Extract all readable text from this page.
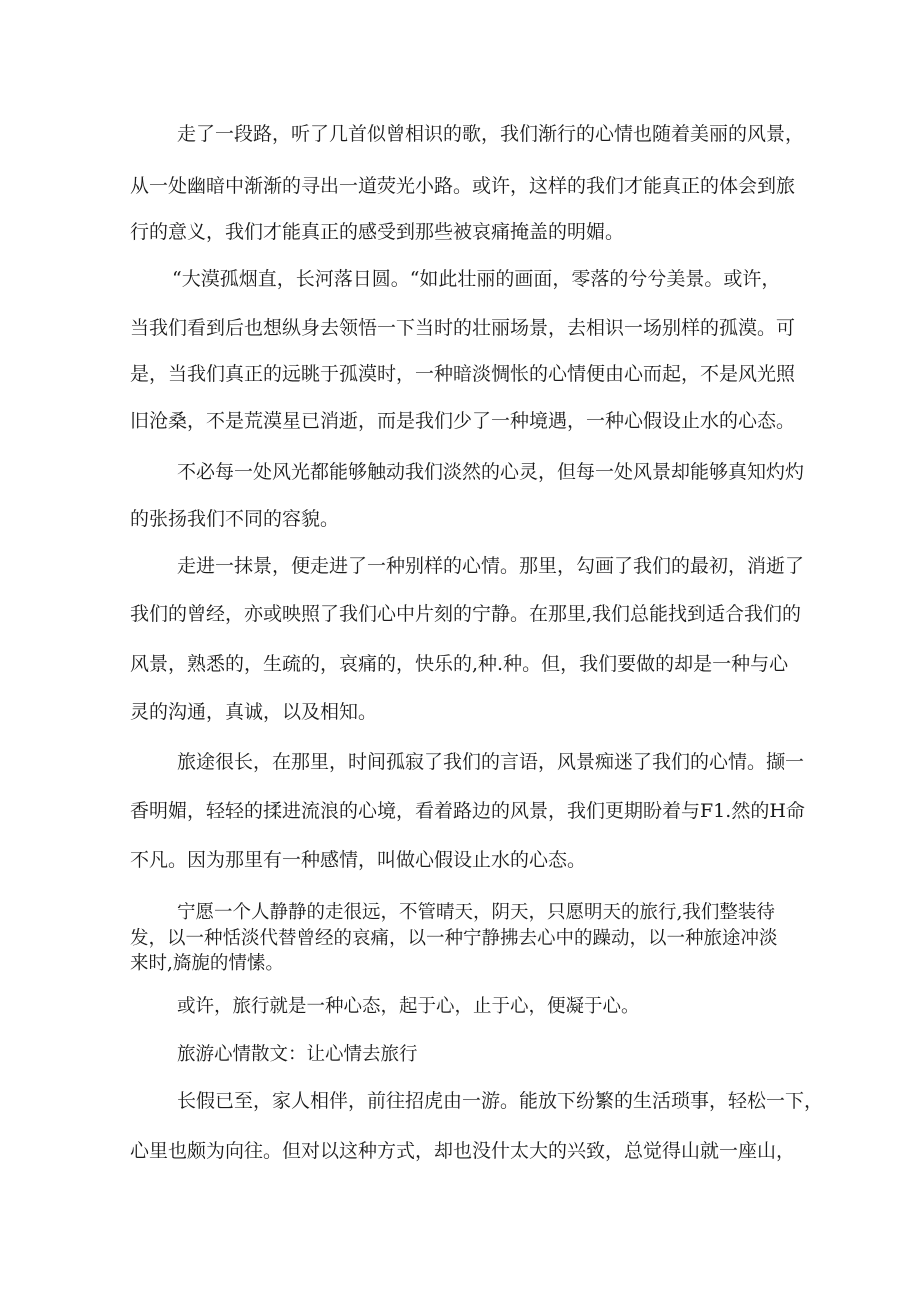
走了一段路，听了几首似曾相识的歌，我们渐行的心情也随着美丽的风景，
从一处幽暗中渐渐的寻出一道荧光小路。或许，这样的我们才能真正的体会到旅
行的意义，我们才能真正的感受到那些被哀痛掩盖的明媚。
“大漠孤烟直，长河落日圆。“如此壮丽的画面，零落的兮兮美景。或许，
当我们看到后也想纵身去领悟一下当时的壮丽场景，去相识一场别样的孤漠。可
是，当我们真正的远眺于孤漠时，一种暗淡惆怅的心情便由心而起，不是风光照
旧沧桑，不是荒漠星已消逝，而是我们少了一种境遇，一种心假设止水的心态。
不必每一处风光都能够触动我们淡然的心灵，但每一处风景却能够真知灼灼
的张扬我们不同的容貌。
走进一抹景，便走进了一种别样的心情。那里，勾画了我们的最初，消逝了
我们的曾经，亦或映照了我们心中片刻的宁静。在那里,我们总能找到适合我们的
风景，熟悉的，生疏的，哀痛的，快乐的,种.种。但，我们要做的却是一种与心
灵的沟通，真诚，以及相知。
旅途很长，在那里，时间孤寂了我们的言语，风景痴迷了我们的心情。撷一
香明媚，轻轻的揉进流浪的心境，看着路边的风景，我们更期盼着与F1.然的H命
不凡。因为那里有一种感情，叫做心假设止水的心态。
宁愿一个人静静的走很远，不管晴天，阴天，只愿明天的旅行,我们整装待
发，以一种恬淡代替曾经的哀痛，以一种宁静拂去心中的躁动，以一种旅途冲淡
来时,旖旎的情愫。
或许，旅行就是一种心态，起于心，止于心，便凝于心。
旅游心情散文：让心情去旅行
长假已至，家人相伴，前往招虎由一游。能放下纷繁的生活琐事，轻松一下，
心里也颇为向往。但对以这种方式，却也没什太大的兴致，总觉得山就一座山，
